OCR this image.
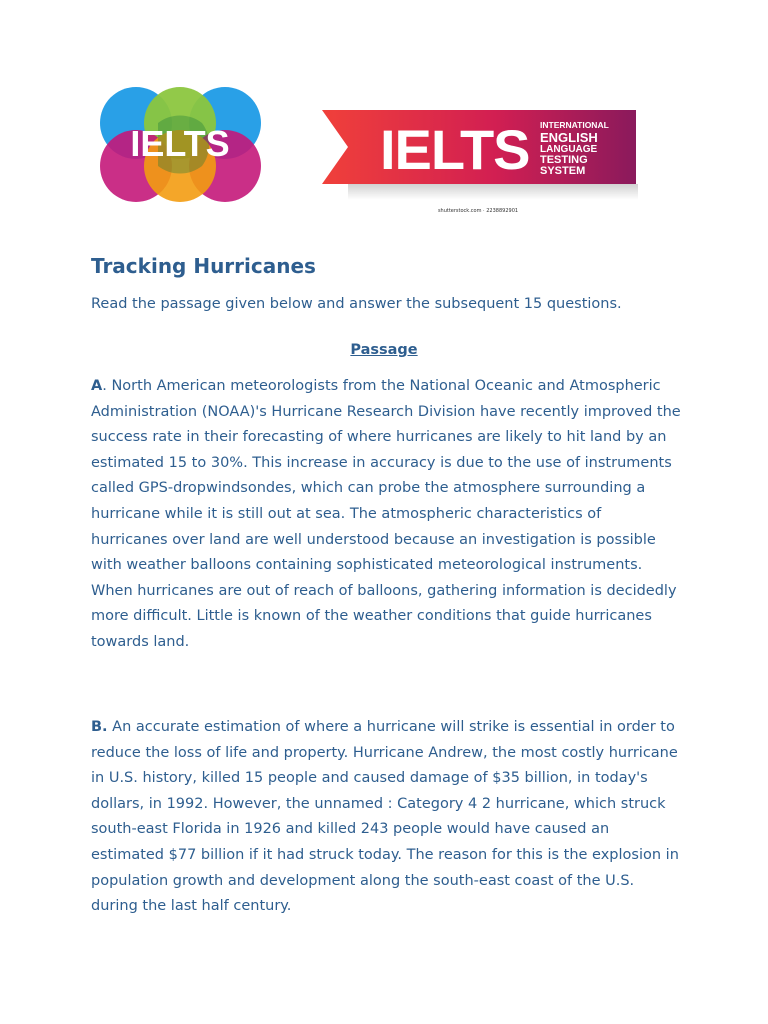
IELTS	IELTS INTERNATIONAL
ENGLISH
LANGUAGE
TESTING
SYSTEM
shutterstock.com · 2238892901
Tracking Hurricanes

Read the passage given below and answer the subsequent 15 questions.

Passage

A. North American meteorologists from the National Oceanic and Atmospheric Administration (NOAA)'s Hurricane Research Division have recently improved the success rate in their forecasting of where hurricanes are likely to hit land by an estimated 15 to 30%. This increase in accuracy is due to the use of instruments called GPS-dropwindsondes, which can probe the atmosphere surrounding a hurricane while it is still out at sea. The atmospheric characteristics of hurricanes over land are well understood because an investigation is possible with weather balloons containing sophisticated meteorological instruments. When hurricanes are out of reach of balloons, gathering information is decidedly more difficult. Little is known of the weather conditions that guide hurricanes towards land.

B. An accurate estimation of where a hurricane will strike is essential in order to reduce the loss of life and property. Hurricane Andrew, the most costly hurricane in U.S. history, killed 15 people and caused damage of $35 billion, in today's dollars, in 1992. However, the unnamed : Category 4 2 hurricane, which struck south-east Florida in 1926 and killed 243 people would have caused an estimated $77 billion if it had struck today. The reason for this is the explosion in population growth and development along the south-east coast of the U.S. during the last half century.
